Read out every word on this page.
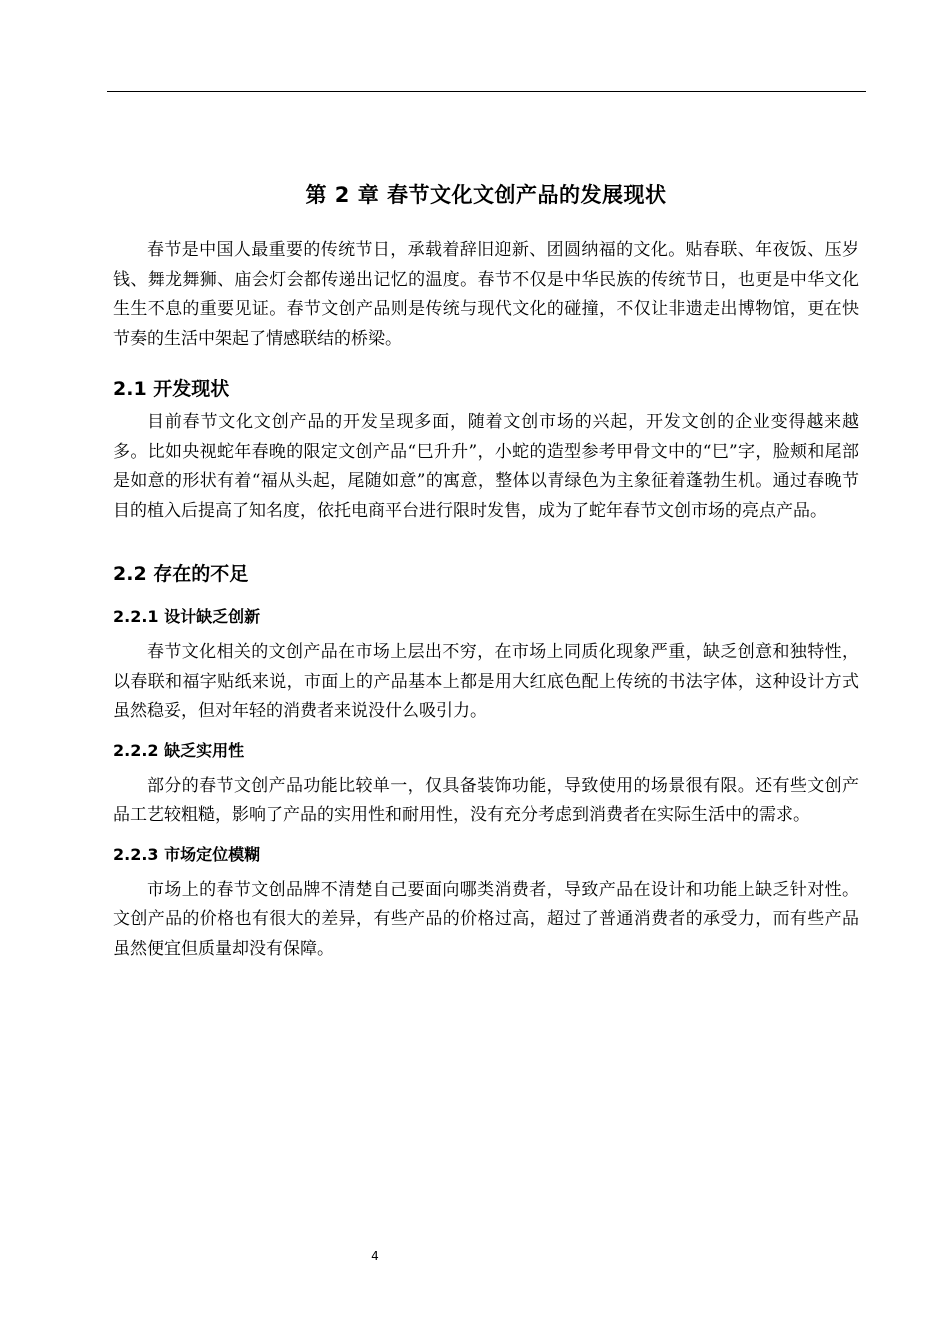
第 2 章 春节文化文创产品的发展现状

春节是中国人最重要的传统节日，承载着辞旧迎新、团圆纳福的文化。贴春联、年夜饭、压岁钱、舞龙舞狮、庙会灯会都传递出记忆的温度。春节不仅是中华民族的传统节日，也更是中华文化生生不息的重要见证。春节文创产品则是传统与现代文化的碰撞，不仅让非遗走出博物馆，更在快节奏的生活中架起了情感联结的桥梁。

2.1 开发现状

目前春节文化文创产品的开发呈现多面，随着文创市场的兴起，开发文创的企业变得越来越多。比如央视蛇年春晚的限定文创产品“巳升升”，小蛇的造型参考甲骨文中的“巳”字，脸颊和尾部是如意的形状有着“福从头起，尾随如意”的寓意，整体以青绿色为主象征着蓬勃生机。通过春晚节目的植入后提高了知名度，依托电商平台进行限时发售，成为了蛇年春节文创市场的亮点产品。

2.2 存在的不足
2.2.1 设计缺乏创新

春节文化相关的文创产品在市场上层出不穷，在市场上同质化现象严重，缺乏创意和独特性，以春联和福字贴纸来说，市面上的产品基本上都是用大红底色配上传统的书法字体，这种设计方式虽然稳妥，但对年轻的消费者来说没什么吸引力。

2.2.2 缺乏实用性

部分的春节文创产品功能比较单一，仅具备装饰功能，导致使用的场景很有限。还有些文创产品工艺较粗糙，影响了产品的实用性和耐用性，没有充分考虑到消费者在实际生活中的需求。

2.2.3 市场定位模糊

市场上的春节文创品牌不清楚自己要面向哪类消费者，导致产品在设计和功能上缺乏针对性。文创产品的价格也有很大的差异，有些产品的价格过高，超过了普通消费者的承受力，而有些产品虽然便宜但质量却没有保障。

4
